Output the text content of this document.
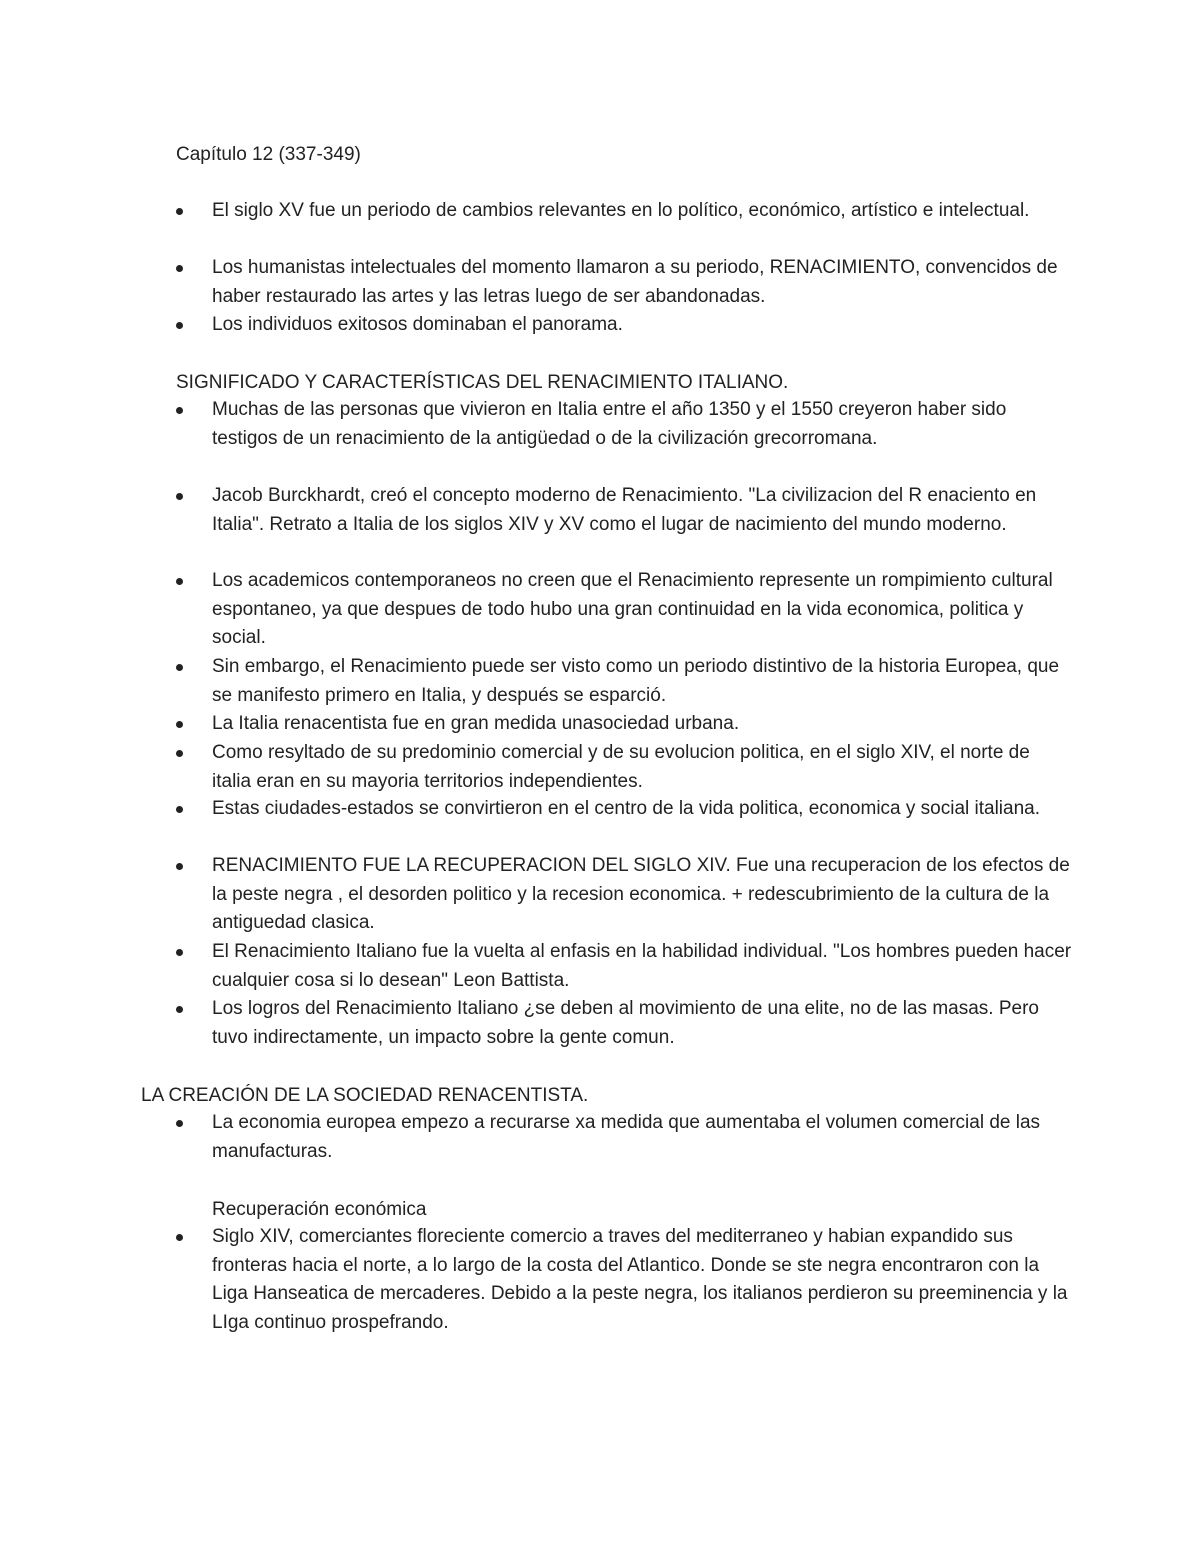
Capítulo 12 (337-349)
El siglo XV fue un periodo de cambios relevantes en lo político, económico, artístico e intelectual.
Los humanistas intelectuales del momento llamaron a su periodo, RENACIMIENTO, convencidos de haber restaurado las artes y las letras luego de ser abandonadas.
Los individuos exitosos dominaban el panorama.
SIGNIFICADO Y CARACTERÍSTICAS DEL RENACIMIENTO ITALIANO.
Muchas de las personas que vivieron en Italia entre el año 1350 y el 1550 creyeron haber sido testigos de un renacimiento de la antigüedad o de la civilización grecorromana.
Jacob Burckhardt, creó el concepto moderno de Renacimiento. "La civilizacion del R enaciento en Italia". Retrato a Italia de los siglos XIV y XV como el lugar de nacimiento del mundo moderno.
Los academicos contemporaneos no creen que el Renacimiento represente un rompimiento cultural espontaneo, ya que despues de todo hubo una gran continuidad en la vida economica, politica y social.
Sin embargo, el Renacimiento puede ser visto como un periodo distintivo de la historia Europea, que se manifesto primero en Italia, y después se esparció.
La Italia renacentista fue en gran medida unasociedad urbana.
Como resyltado de su predominio comercial y de su evolucion politica, en el siglo XIV, el norte de italia eran en su mayoria territorios independientes.
Estas ciudades-estados se convirtieron en el centro de la vida politica, economica y social italiana.
RENACIMIENTO FUE LA RECUPERACION DEL SIGLO XIV. Fue una recuperacion de los efectos de la peste negra , el desorden politico y la recesion economica. + redescubrimiento de la cultura de la antiguedad clasica.
El Renacimiento Italiano fue la vuelta al enfasis en la habilidad individual. "Los hombres pueden hacer cualquier cosa si lo desean" Leon Battista.
Los logros del Renacimiento Italiano ¿se deben al movimiento de una elite, no de las masas. Pero tuvo indirectamente, un impacto sobre la gente comun.
LA CREACIÓN DE LA SOCIEDAD RENACENTISTA.
La economia europea empezo a recurarse xa medida que aumentaba el volumen comercial de las manufacturas.
Recuperación económica
Siglo XIV, comerciantes floreciente comercio a traves del mediterraneo y habian expandido sus fronteras hacia el norte, a lo largo de la costa del Atlantico. Donde se ste negra encontraron con la Liga Hanseatica de mercaderes. Debido a la peste negra, los italianos perdieron su preeminencia y la LIga continuo prospefrando.
